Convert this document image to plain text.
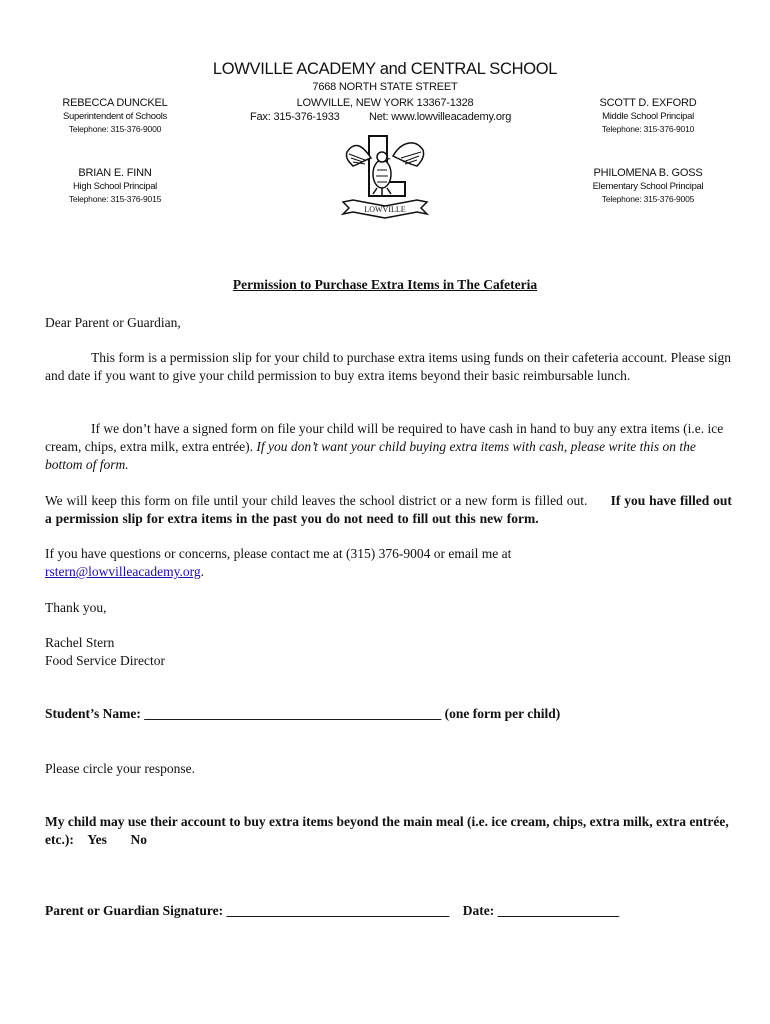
LOWVILLE ACADEMY and CENTRAL SCHOOL
7668 NORTH STATE STREET
LOWVILLE, NEW YORK 13367-1328
Fax: 315-376-1933	Net: www.lowvilleacademy.org
REBECCA DUNCKEL
Superintendent of Schools
Telephone: 315-376-9000
SCOTT D. EXFORD
Middle School Principal
Telephone: 315-376-9010
BRIAN E. FINN
High School Principal
Telephone: 315-376-9015
PHILOMENA B. GOSS
Elementary School Principal
Telephone: 315-376-9005
LOWVILLE
Permission to Purchase Extra Items in The Cafeteria
Dear Parent or Guardian,
This form is a permission slip for your child to purchase extra items using funds on their cafeteria account. Please sign and date if you want to give your child permission to buy extra items beyond their basic reimbursable lunch.
If we don’t have a signed form on file your child will be required to have cash in hand to buy any extra items (i.e. ice cream, chips, extra milk, extra entrée). If you don’t want your child buying extra items with cash, please write this on the bottom of form.
We will keep this form on file until your child leaves the school district or a new form is filled out. If you have filled out a permission slip for extra items in the past you do not need to fill out this new form.
If you have questions or concerns, please contact me at (315) 376-9004 or email me at
rstern@lowvilleacademy.org.
Thank you,
Rachel Stern
Food Service Director
Student’s Name: ____________________________________________ (one form per child)
Please circle your response.
My child may use their account to buy extra items beyond the main meal (i.e. ice cream, chips, extra milk, extra entrée, etc.): Yes No
Parent or Guardian Signature: _________________________________ Date: __________________
